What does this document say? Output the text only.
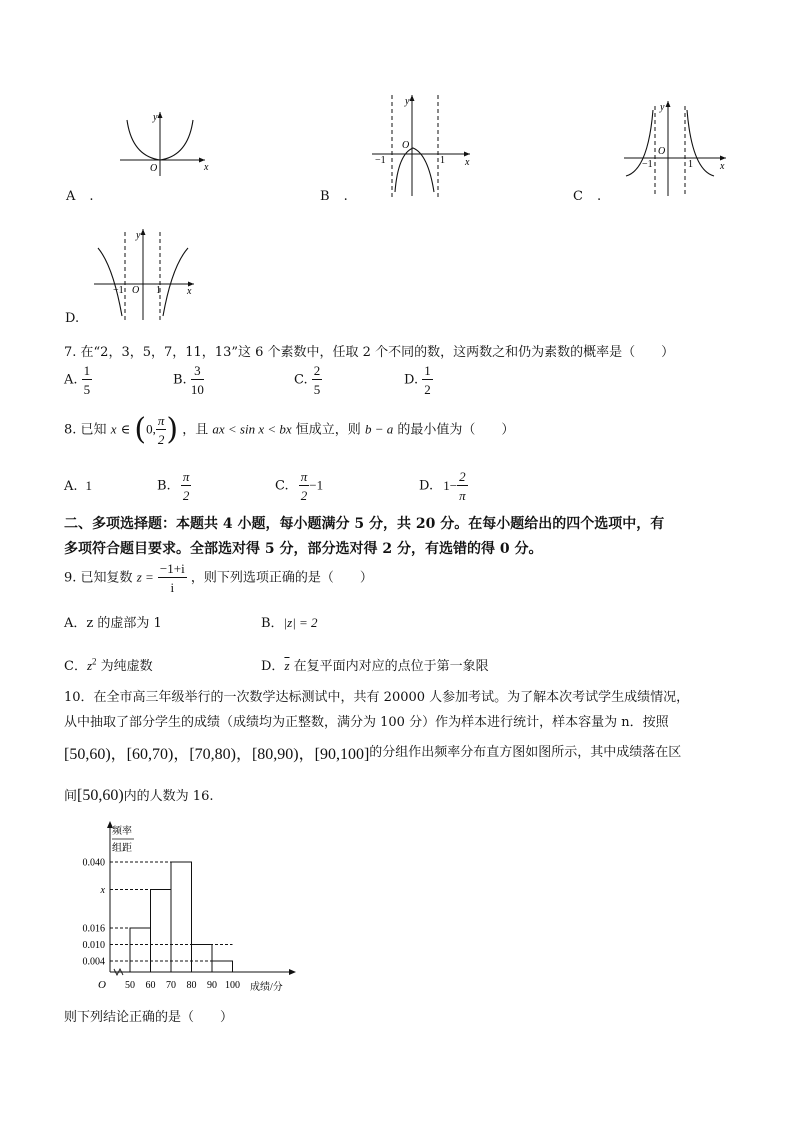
O	x
y
A .
O
−1	1 x
y
B .
O
−1	1	x
y
C .
O
−1	1	x
y
D.
7. 在“2，3，5，7，11，13”这 6 个素数中，任取 2 个不同的数，这两数之和仍为素数的概率是（　　）
A. $\frac{1}{5}$	B. $\frac{3}{10}$	C. $\frac{2}{5}$	D. $\frac{1}{2}$
8. 已知 x ∈ (0, $\frac{\pi}{2}$ ) ，且 ax < sin x < bx 恒成立，则 b − a 的最小值为（　　）
A. 1	B. $\frac{\pi}{2}$	C. $\frac{\pi}{2} -1$	D. $1- \frac{2}{\pi}$
二、多项选择题：本题共 4 小题，每小题满分 5 分，共 20 分。在每小题给出的四个选项中，有
多项符合题目要求。全部选对得 5 分，部分选对得 2 分，有选错的得 0 分。
9. 已知复数 $z = \frac{-1+i}{i}$ ，则下列选项正确的是（　　）
A．z 的虚部为 1	B．|z| = 2
C．$z^2$ 为纯虚数	D．$\overline{z}$ 在复平面内对应的点位于第一象限
10．在全市高三年级举行的一次数学达标测试中，共有 20000 人参加考试。为了解本次考试学生成绩情况，
从中抽取了部分学生的成绩（成绩均为正整数，满分为 100 分）作为样本进行统计，样本容量为 n．按照
[50,60)，[60,70)，[70,80)，[80,90)，[90,100]的分组作出频率分布直方图如图所示，其中成绩落在区
间[50,60)内的人数为 16.
频率
组距
O	成绩/分
0.040
x
0.016
0.010
0.004
50 60 70 80 90 100
则下列结论正确的是（　　）
